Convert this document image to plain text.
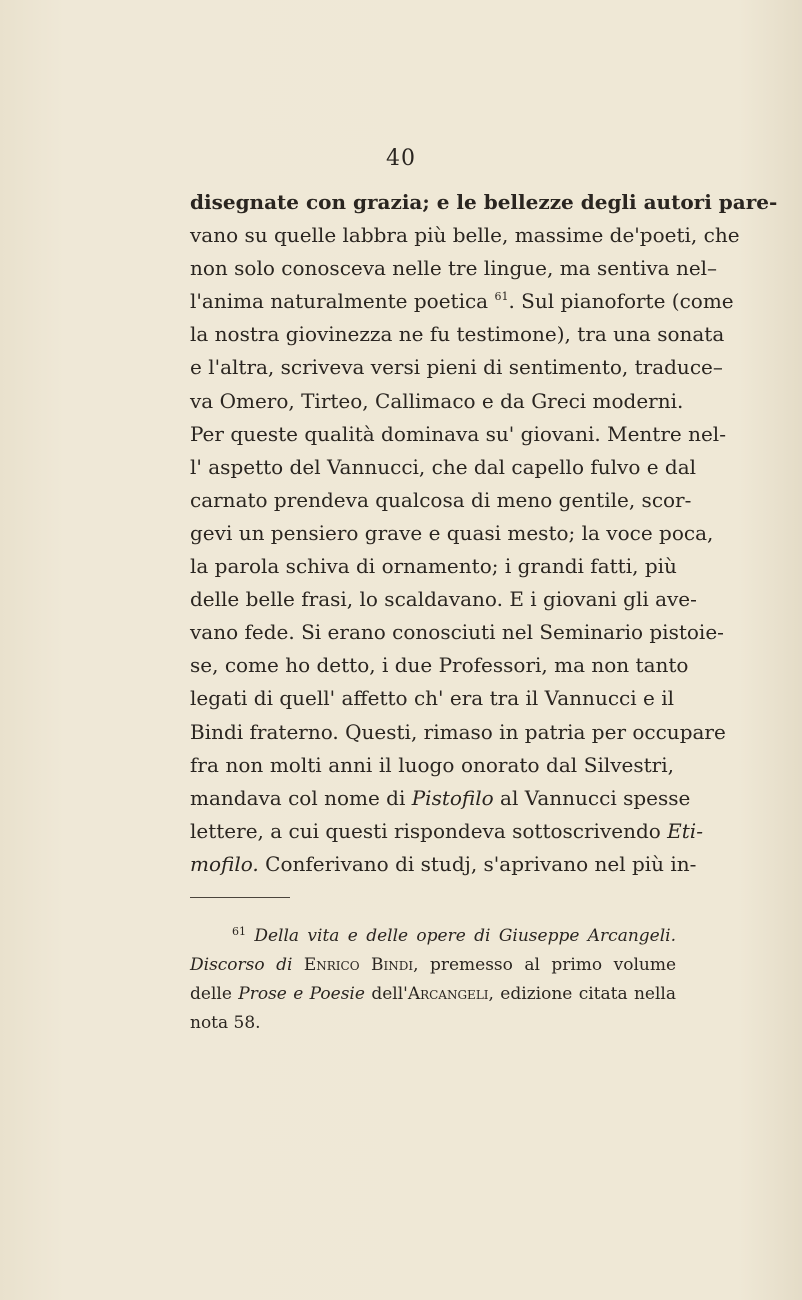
40
disegnate con grazia; e le bellezze degli autori pare-
vano su quelle labbra più belle, massime de'poeti, che
non solo conosceva nelle tre lingue, ma sentiva nel–
l'anima naturalmente poetica $^{61}$. Sul pianoforte (come
la nostra giovinezza ne fu testimone), tra una sonata
e l'altra, scriveva versi pieni di sentimento, traduce–
va Omero, Tirteo, Callimaco e da Greci moderni.
Per queste qualità dominava su' giovani. Mentre nel-
l' aspetto del Vannucci, che dal capello fulvo e dal
carnato prendeva qualcosa di meno gentile, scor-
gevi un pensiero grave e quasi mesto; la voce poca,
la parola schiva di ornamento; i grandi fatti, più
delle belle frasi, lo scaldavano. E i giovani gli ave-
vano fede. Si erano conosciuti nel Seminario pistoie-
se, come ho detto, i due Professori, ma non tanto
legati di quell' affetto ch' era tra il Vannucci e il
Bindi fraterno. Questi, rimaso in patria per occupare
fra non molti anni il luogo onorato dal Silvestri,
mandava col nome di Pistofilo al Vannucci spesse
lettere, a cui questi rispondeva sottoscrivendo Eti-
mofilo. Conferivano di studj, s'aprivano nel più in-
$^{61}$ Della vita e delle opere di Giuseppe Arcangeli.
Discorso di Enrico Bindi, premesso al primo volume
delle Prose e Poesie dell'Arcangeli, edizione citata nella
nota 58.
